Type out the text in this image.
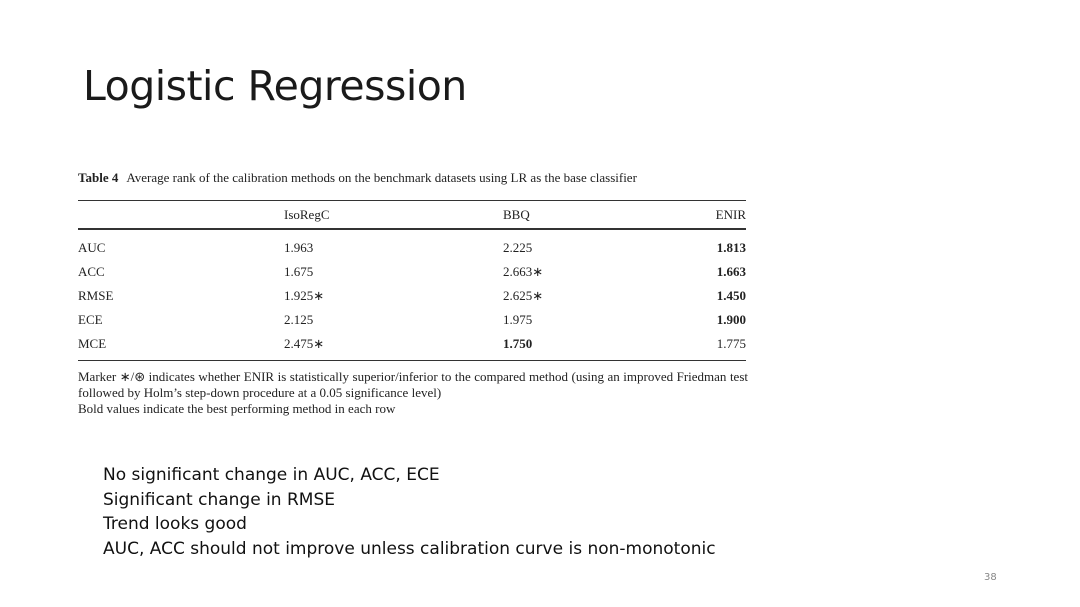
Logistic Regression
Table 4 Average rank of the calibration methods on the benchmark datasets using LR as the base classifier
	IsoRegC	BBQ	ENIR
AUC	1.963	2.225	1.813
ACC	1.675	2.663∗	1.663
RMSE	1.925∗	2.625∗	1.450
ECE	2.125	1.975	1.900
MCE	2.475∗	1.750	1.775
Marker ∗/⊛ indicates whether ENIR is statistically superior/inferior to the compared method (using an improved Friedman test followed by Holm’s step-down procedure at a 0.05 significance level)
Bold values indicate the best performing method in each row
No significant change in AUC, ACC, ECE
Significant change in RMSE
Trend looks good
AUC, ACC should not improve unless calibration curve is non-monotonic
38
